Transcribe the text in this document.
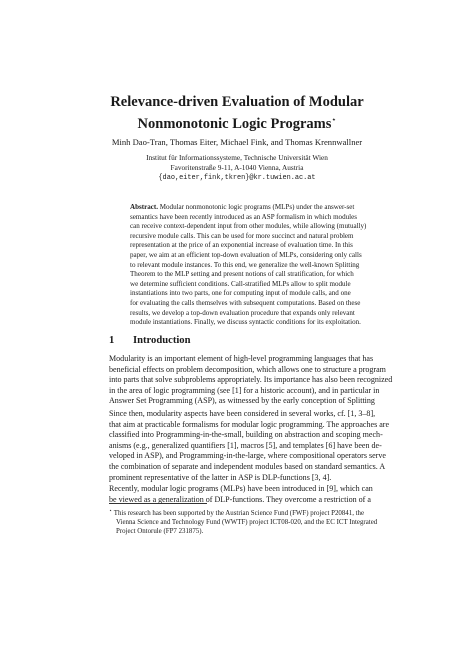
Relevance-driven Evaluation of Modular
Nonmonotonic Logic Programs⋆

Minh Dao-Tran, Thomas Eiter, Michael Fink, and Thomas Krennwallner

Institut für Informationssysteme, Technische Universität Wien
Favoritenstraße 9-11, A-1040 Vienna, Austria
{dao,eiter,fink,tkren}@kr.tuwien.ac.at

Abstract. Modular nonmonotonic logic programs (MLPs) under the answer-set
semantics have been recently introduced as an ASP formalism in which modules
can receive context-dependent input from other modules, while allowing (mutually)
recursive module calls. This can be used for more succinct and natural problem
representation at the price of an exponential increase of evaluation time. In this
paper, we aim at an efficient top-down evaluation of MLPs, considering only calls
to relevant module instances. To this end, we generalize the well-known Splitting
Theorem to the MLP setting and present notions of call stratification, for which
we determine sufficient conditions. Call-stratified MLPs allow to split module
instantiations into two parts, one for computing input of module calls, and one
for evaluating the calls themselves with subsequent computations. Based on these
results, we develop a top-down evaluation procedure that expands only relevant
module instantiations. Finally, we discuss syntactic conditions for its exploitation.
1 Introduction
Modularity is an important element of high-level programming languages that has
beneficial effects on problem decomposition, which allows one to structure a program
into parts that solve subproblems appropriately. Its importance has also been recognized
in the area of logic programming (see [1] for a historic account), and in particular in
Answer Set Programming (ASP), as witnessed by the early conception of Splitting
Since then, modularity aspects have been considered in several works, cf. [1, 3–8],
that aim at practicable formalisms for modular logic programming. The approaches are
classified into Programming-in-the-small, building on abstraction and scoping mech-
anisms (e.g., generalized quantifiers [1], macros [5], and templates [6] have been de-
veloped in ASP), and Programming-in-the-large, where compositional operators serve
the combination of separate and independent modules based on standard semantics. A
prominent representative of the latter in ASP is DLP-functions [3, 4].
Recently, modular logic programs (MLPs) have been introduced in [9], which can
be viewed as a generalization of DLP-functions. They overcome a restriction of a
⋆ This research has been supported by the Austrian Science Fund (FWF) project P20841, the
Vienna Science and Technology Fund (WWTF) project ICT08-020, and the EC ICT Integrated
Project Ontorule (FP7 231875).
